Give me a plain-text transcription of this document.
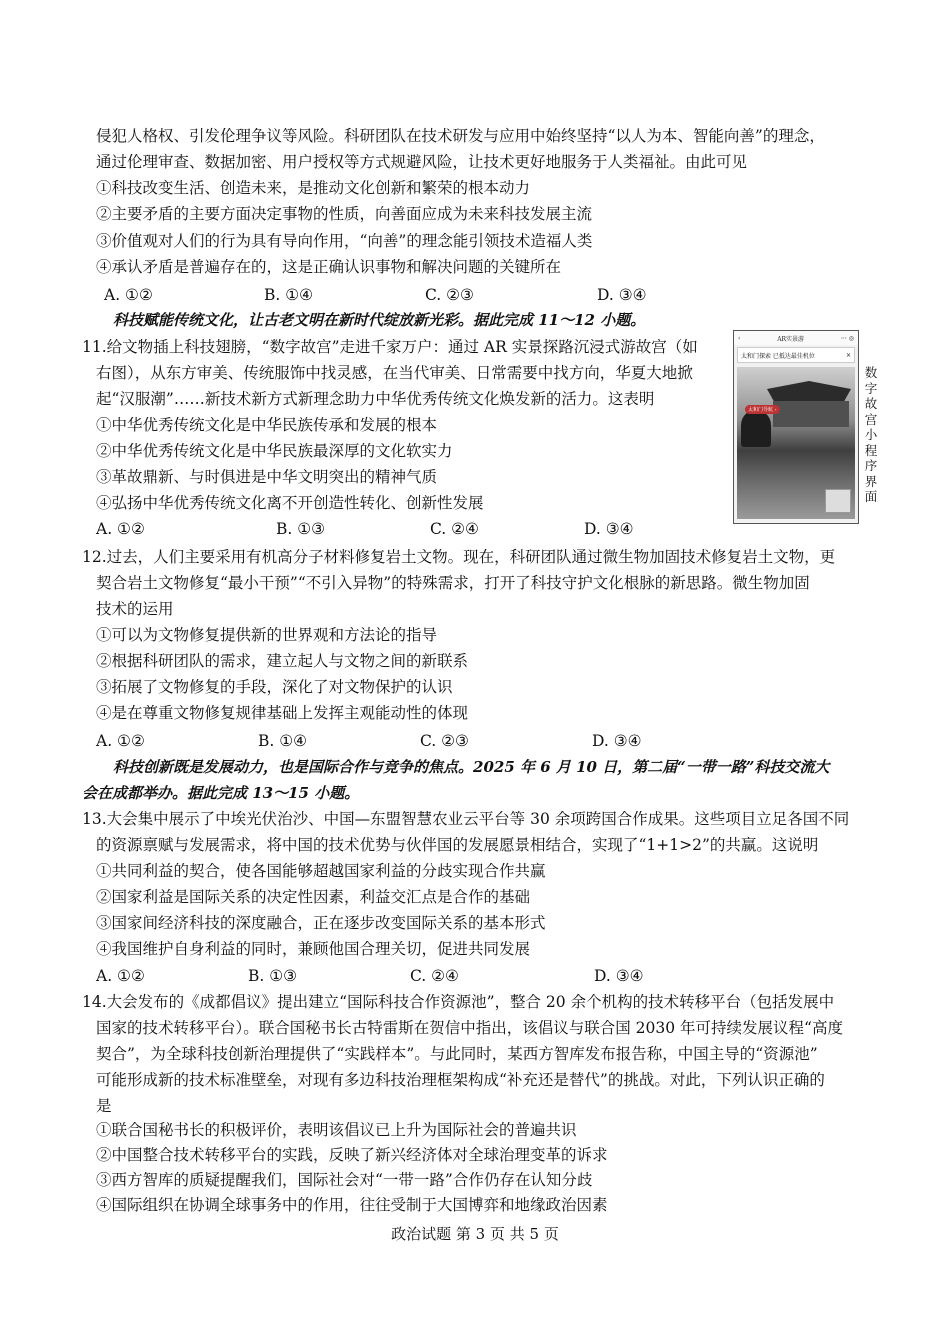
侵犯人格权、引发伦理争议等风险。科研团队在技术研发与应用中始终坚持“以人为本、智能向善”的理念，
通过伦理审查、数据加密、用户授权等方式规避风险，让技术更好地服务于人类福祉。由此可见
①科技改变生活、创造未来，是推动文化创新和繁荣的根本动力
②主要矛盾的主要方面决定事物的性质，向善面应成为未来科技发展主流
③价值观对人们的行为具有导向作用，“向善”的理念能引领技术造福人类
④承认矛盾是普遍存在的，这是正确认识事物和解决问题的关键所在
A. ①②	B. ①④	C. ②③	D. ③④
科技赋能传统文化，让古老文明在新时代绽放新光彩。据此完成 11～12 小题。
11.给文物插上科技翅膀，“数字故宫”走进千家万户：通过 AR 实景探路沉浸式游故宫（如
右图），从东方审美、传统服饰中找灵感，在当代审美、日常需要中找方向，华夏大地掀
起“汉服潮”……新技术新方式新理念助力中华优秀传统文化焕发新的活力。这表明
①中华优秀传统文化是中华民族传承和发展的根本
②中华优秀传统文化是中华民族最深厚的文化软实力
③革故鼎新、与时俱进是中华文明突出的精神气质
④弘扬中华优秀传统文化离不开创造性转化、创新性发展
A. ①②	B. ①③	C. ②④	D. ③④
‹	AR实景游	⋯ ◎
太和门探索 已抵达最佳机位	×
太和门导航 ›
数字故宫小程序界面
12.过去，人们主要采用有机高分子材料修复岩土文物。现在，科研团队通过微生物加固技术修复岩土文物，更
契合岩土文物修复“最小干预”“不引入异物”的特殊需求，打开了科技守护文化根脉的新思路。微生物加固
技术的运用
①可以为文物修复提供新的世界观和方法论的指导
②根据科研团队的需求，建立起人与文物之间的新联系
③拓展了文物修复的手段，深化了对文物保护的认识
④是在尊重文物修复规律基础上发挥主观能动性的体现
A. ①②	B. ①④	C. ②③	D. ③④
科技创新既是发展动力，也是国际合作与竞争的焦点。2025 年 6 月 10 日，第二届“一带一路”科技交流大
会在成都举办。据此完成 13～15 小题。
13.大会集中展示了中埃光伏治沙、中国—东盟智慧农业云平台等 30 余项跨国合作成果。这些项目立足各国不同
的资源禀赋与发展需求，将中国的技术优势与伙伴国的发展愿景相结合，实现了“1+1>2”的共赢。这说明
①共同利益的契合，使各国能够超越国家利益的分歧实现合作共赢
②国家利益是国际关系的决定性因素，利益交汇点是合作的基础
③国家间经济科技的深度融合，正在逐步改变国际关系的基本形式
④我国维护自身利益的同时，兼顾他国合理关切，促进共同发展
A. ①②	B. ①③	C. ②④	D. ③④
14.大会发布的《成都倡议》提出建立“国际科技合作资源池”，整合 20 余个机构的技术转移平台（包括发展中
国家的技术转移平台）。联合国秘书长古特雷斯在贺信中指出，该倡议与联合国 2030 年可持续发展议程“高度
契合”，为全球科技创新治理提供了“实践样本”。与此同时，某西方智库发布报告称，中国主导的“资源池”
可能形成新的技术标准壁垒，对现有多边科技治理框架构成“补充还是替代”的挑战。对此，下列认识正确的
是
①联合国秘书长的积极评价，表明该倡议已上升为国际社会的普遍共识
②中国整合技术转移平台的实践，反映了新兴经济体对全球治理变革的诉求
③西方智库的质疑提醒我们，国际社会对“一带一路”合作仍存在认知分歧
④国际组织在协调全球事务中的作用，往往受制于大国博弈和地缘政治因素
政治试题 第 3 页 共 5 页
